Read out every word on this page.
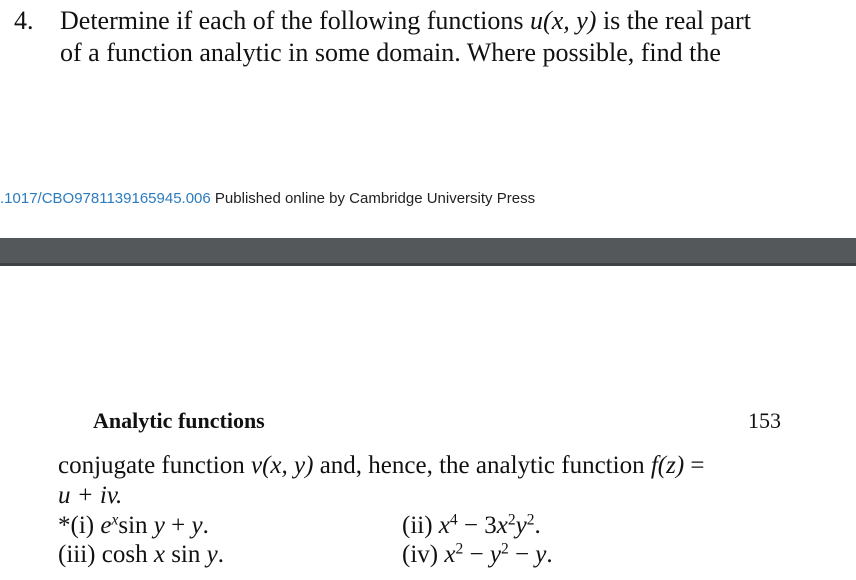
4. Determine if each of the following functions u(x, y) is the real part
of a function analytic in some domain. Where possible, find the
.1017/CBO9781139165945.006 Published online by Cambridge University Press
Analytic functions	153
conjugate function v(x, y) and, hence, the analytic function f(z) =
u + iv.
*(i) $e^x\sin$ y + y.	(ii) $x^4 - 3x^2y^2$.
(iii) cosh x sin y.	(iv) $x^2 - y^2 - y$.
